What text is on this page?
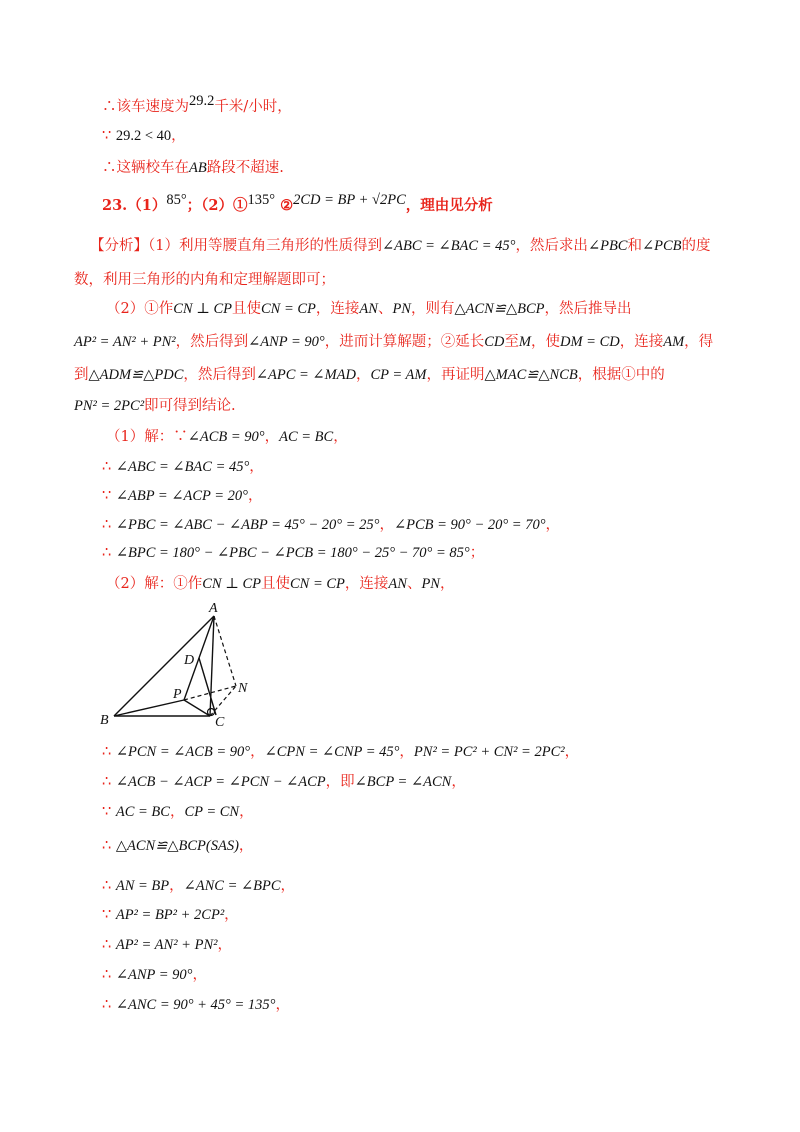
∴该车速度为29.2千米/小时，
∵ 29.2 < 40，
∴这辆校车在AB路段不超速.
23.（1）85°；（2）①135° ②2CD = BP + √2PC，理由见分析
【分析】（1）利用等腰直角三角形的性质得到∠ABC = ∠BAC = 45°，然后求出∠PBC和∠PCB的度
数，利用三角形的内角和定理解题即可；
（2）①作CN ⊥ CP且使CN = CP，连接AN、PN，则有△ACN≌△BCP，然后推导出
AP² = AN² + PN²，然后得到∠ANP = 90°，进而计算解题；②延长CD至M，使DM = CD，连接AM，得
到△ADM≌△PDC，然后得到∠APC = ∠MAD，CP = AM，再证明△MAC≌△NCB，根据①中的
PN² = 2PC²即可得到结论.
（1）解：∵∠ACB = 90°，AC = BC，
∴ ∠ABC = ∠BAC = 45°，
∵ ∠ABP = ∠ACP = 20°，
∴ ∠PBC = ∠ABC − ∠ABP = 45° − 20° = 25°，∠PCB = 90° − 20° = 70°，
∴ ∠BPC = 180° − ∠PBC − ∠PCB = 180° − 25° − 70° = 85°；
（2）解：①作CN ⊥ CP且使CN = CP，连接AN、PN，
A
B	C
D
P	N
∴ ∠PCN = ∠ACB = 90°，∠CPN = ∠CNP = 45°，PN² = PC² + CN² = 2PC²，
∴ ∠ACB − ∠ACP = ∠PCN − ∠ACP，即∠BCP = ∠ACN，
∵ AC = BC，CP = CN，
∴ △ACN≌△BCP(SAS)，
∴ AN = BP，∠ANC = ∠BPC，
∵ AP² = BP² + 2CP²，
∴ AP² = AN² + PN²，
∴ ∠ANP = 90°，
∴ ∠ANC = 90° + 45° = 135°，
